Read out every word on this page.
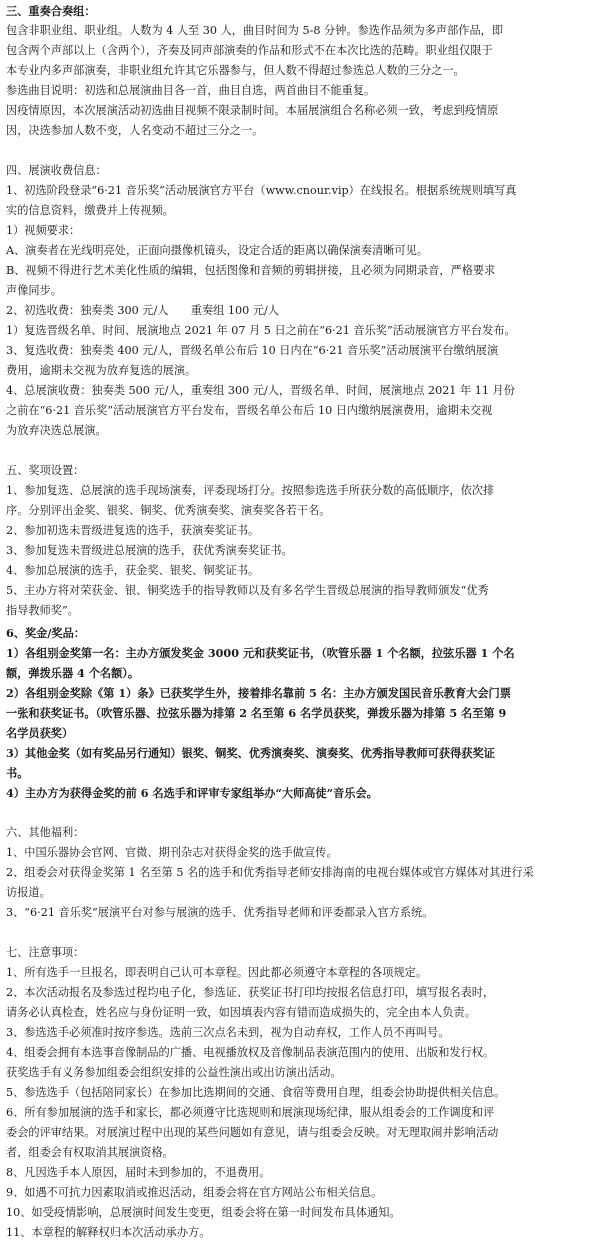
三、重奏合奏组：
包含非职业组、职业组。人数为 4 人至 30 人，曲目时间为 5-8 分钟。参选作品须为多声部作品，即
包含两个声部以上（含两个），齐奏及同声部演奏的作品和形式不在本次比选的范畴。职业组仅限于
本专业内多声部演奏，非职业组允许其它乐器参与，但人数不得超过参选总人数的三分之一。
参选曲目说明：初选和总展演曲目各一首，曲目自选，两首曲目不能重复。
因疫情原因，本次展演活动初选曲目视频不限录制时间。本届展演组合名称必须一致，考虑到疫情原
因，决选参加人数不变，人名变动不超过三分之一。
四、展演收费信息：
1、初选阶段登录“6·21 音乐奖”活动展演官方平台（www.cnour.vip）在线报名。根据系统规则填写真
实的信息资料，缴费并上传视频。
1）视频要求：
A、演奏者在光线明亮处，正面向摄像机镜头，设定合适的距离以确保演奏清晰可见。
B、视频不得进行艺术美化性质的编辑，包括图像和音频的剪辑拼接，且必须为同期录音，严格要求
声像同步。
2、初选收费：独奏类 300 元/人　　重奏组 100 元/人
1）复选晋级名单、时间、展演地点 2021 年 07 月 5 日之前在“6·21 音乐奖”活动展演官方平台发布。
3、复选收费：独奏类 400 元/人，晋级名单公布后 10 日内在“6·21 音乐奖”活动展演平台缴纳展演
费用，逾期未交视为放弃复选的展演。
4、总展演收费：独奏类 500 元/人，重奏组 300 元/人，晋级名单、时间，展演地点 2021 年 11 月份
之前在“6·21 音乐奖”活动展演官方平台发布，晋级名单公布后 10 日内缴纳展演费用，逾期未交视
为放弃决选总展演。
五、奖项设置：
1、参加复选、总展演的选手现场演奏，评委现场打分。按照参选选手所获分数的高低顺序，依次排
序。分别评出金奖、银奖、铜奖、优秀演奏奖、演奏奖各若干名。
2、参加初选未晋级进复选的选手，获演奏奖证书。
3、参加复选未晋级进总展演的选手，获优秀演奏奖证书。
4、参加总展演的选手，获金奖、银奖、铜奖证书。
5、主办方将对荣获金、银、铜奖选手的指导教师以及有多名学生晋级总展演的指导教师颁发“优秀
指导教师奖”。
6、奖金/奖品：
1）各组别金奖第一名：主办方颁发奖金 3000 元和获奖证书，（吹管乐器 1 个名额，拉弦乐器 1 个名
额，弹拨乐器 4 个名额）。
2）各组别金奖除《第 1）条》已获奖学生外，接着排名靠前 5 名：主办方颁发国民音乐教育大会门票
一张和获奖证书。（吹管乐器、拉弦乐器为排第 2 名至第 6 名学员获奖，弹拨乐器为排第 5 名至第 9
名学员获奖）
3）其他金奖（如有奖品另行通知）银奖、铜奖、优秀演奏奖、演奏奖、优秀指导教师可获得获奖证
书。
4）主办方为获得金奖的前 6 名选手和评审专家组举办“大师高徒”音乐会。
六、其他福利：
1、中国乐器协会官网、官微、期刊杂志对获得金奖的选手做宣传。
2、组委会对获得金奖第 1 名至第 5 名的选手和优秀指导老师安排海南的电视台媒体或官方媒体对其进行采
访报道。
3、“6·21 音乐奖”展演平台对参与展演的选手、优秀指导老师和评委都录入官方系统。
七、注意事项：
1、所有选手一旦报名，即表明自己认可本章程。因此都必须遵守本章程的各项规定。
2、本次活动报名及参选过程均电子化，参选证、获奖证书打印均按报名信息打印，填写报名表时，
请务必认真检查，姓名应与身份证明一致，如因填表内容有错而造成损失的，完全由本人负责。
3、参选选手必须准时按序参选。选前三次点名未到，视为自动弃权，工作人员不再叫号。
4、组委会拥有本选事音像制品的广播、电视播放权及音像制品表演范围内的使用、出版和发行权。
获奖选手有义务参加组委会组织安排的公益性演出或出访演出活动。
5、参选选手（包括陪同家长）在参加比选期间的交通、食宿等费用自理，组委会协助提供相关信息。
6、所有参加展演的选手和家长，都必须遵守比选规则和展演现场纪律，服从组委会的工作调度和评
委会的评审结果。对展演过程中出现的某些问题如有意见，请与组委会反映。对无理取闹并影响活动
者，组委会有权取消其展演资格。
8、凡因选手本人原因，届时未到参加的，不退费用。
9、如遇不可抗力因素取消或推迟活动，组委会将在官方网站公布相关信息。
10、如受疫情影响，总展演时间发生变更，组委会将在第一时间发布具体通知。
11、本章程的解释权归本次活动承办方。
